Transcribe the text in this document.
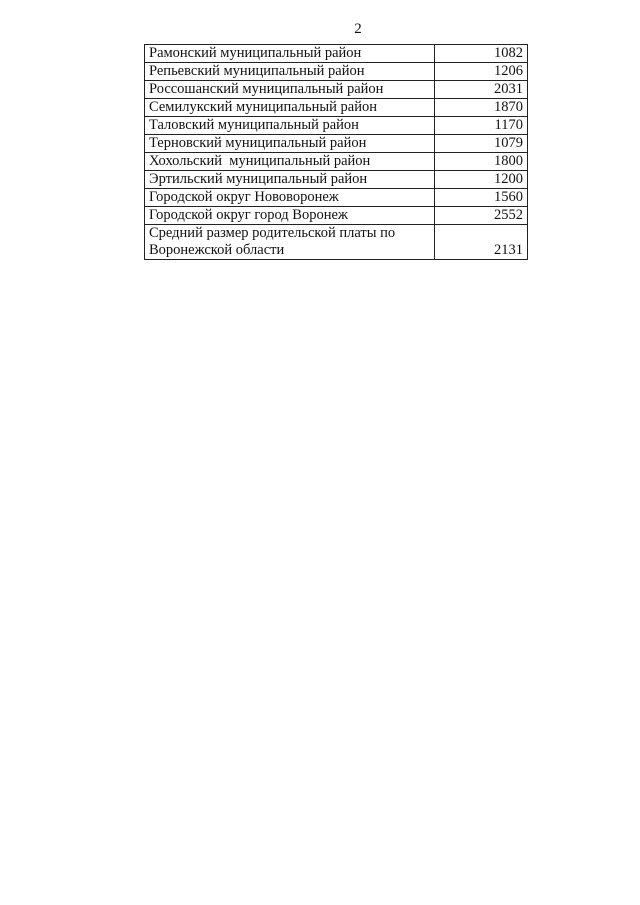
2
Рамонский муниципальный район	1082
Репьевский муниципальный район	1206
Россошанский муниципальный район	2031
Семилукский муниципальный район	1870
Таловский муниципальный район	1170
Терновский муниципальный район	1079
Хохольский  муниципальный район	1800
Эртильский муниципальный район	1200
Городской округ Нововоронеж	1560
Городской округ город Воронеж	2552
Средний размер родительской платы по Воронежской области	2131
